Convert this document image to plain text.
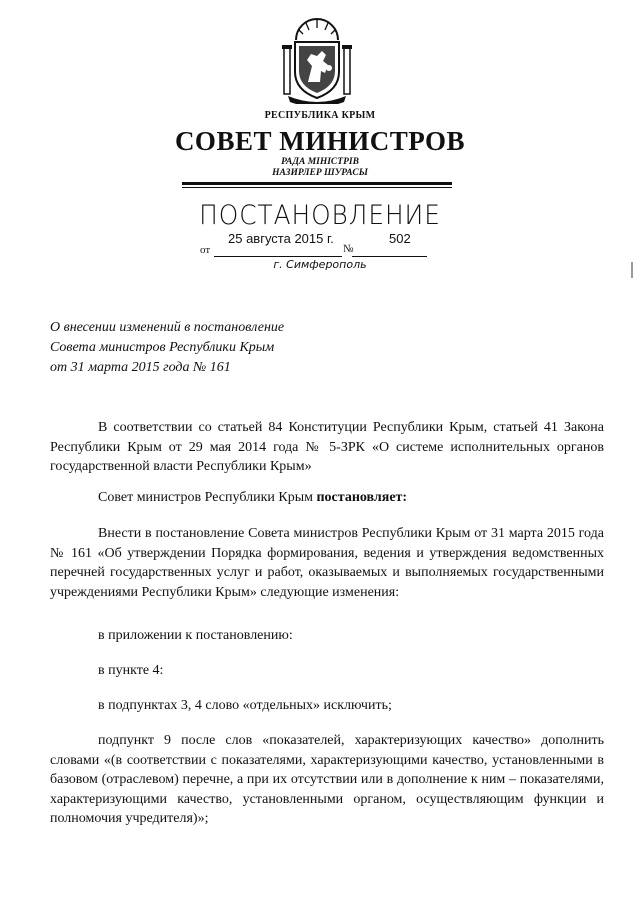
РЕСПУБЛИКА КРЫМ
СОВЕТ МИНИСТРОВ
РАДА МІНІСТРІВ
НАЗИРЛЕР ШУРАСЫ
ПОСТАНОВЛЕНИЕ
25 августа 2015 г.	502
от	№
г. Симферополь
О внесении изменений в постановление
Совета министров Республики Крым
от 31 марта 2015 года № 161
В соответствии со статьей 84 Конституции Республики Крым, статьей 41 Закона Республики Крым от 29 мая 2014 года № 5-ЗРК «О системе исполнительных органов государственной власти Республики Крым»
Совет министров Республики Крым постановляет:
Внести в постановление Совета министров Республики Крым от 31 марта 2015 года № 161 «Об утверждении Порядка формирования, ведения и утверждения ведомственных перечней государственных услуг и работ, оказываемых и выполняемых государственными учреждениями Республики Крым» следующие изменения:
в приложении к постановлению:
в пункте 4:
в подпунктах 3, 4 слово «отдельных» исключить;
подпункт 9 после слов «показателей, характеризующих качество» дополнить словами «(в соответствии с показателями, характеризующими качество, установленными в базовом (отраслевом) перечне, а при их отсутствии или в дополнение к ним – показателями, характеризующими качество, установленными органом, осуществляющим функции и полномочия учредителя)»;
